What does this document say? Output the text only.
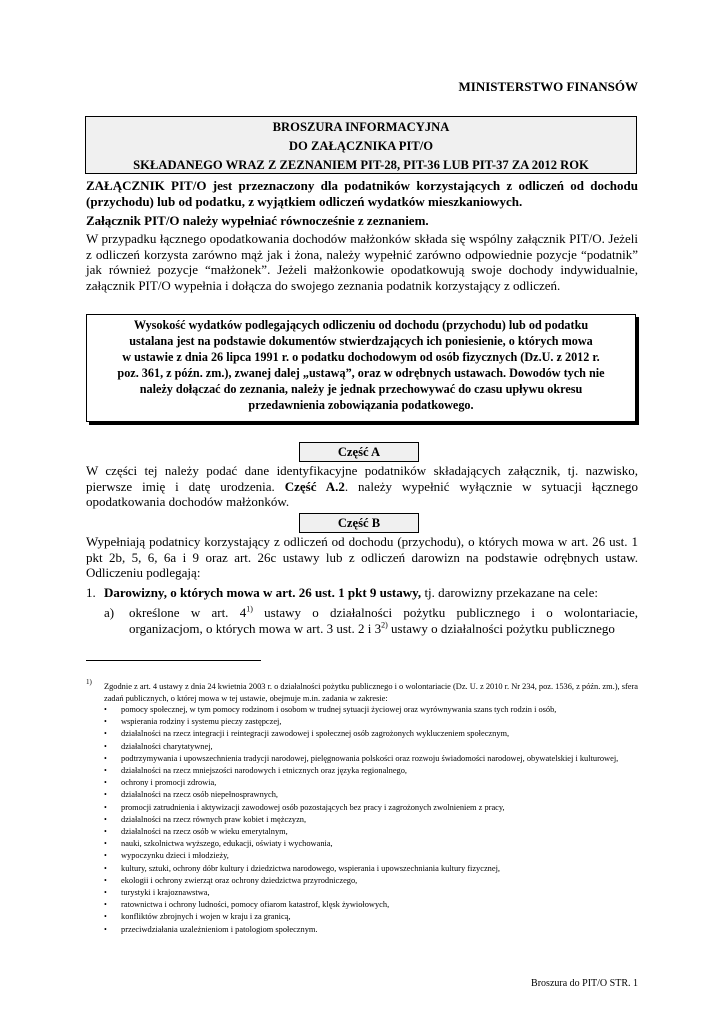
MINISTERSTWO FINANSÓW
BROSZURA INFORMACYJNA
DO ZAŁĄCZNIKA PIT/O
SKŁADANEGO WRAZ Z ZEZNANIEM PIT-28, PIT-36 LUB PIT-37 ZA 2012 ROK
ZAŁĄCZNIK PIT/O jest przeznaczony dla podatników korzystających z odliczeń od dochodu
(przychodu) lub od podatku, z wyjątkiem odliczeń wydatków mieszkaniowych.
Załącznik PIT/O należy wypełniać równocześnie z zeznaniem.
W przypadku łącznego opodatkowania dochodów małżonków składa się wspólny załącznik PIT/O. Jeżeli z odliczeń korzysta zarówno mąż jak i żona, należy wypełnić zarówno odpowiednie pozycje “podatnik” jak również pozycje “małżonek”. Jeżeli małżonkowie opodatkowują swoje dochody indywidualnie, załącznik PIT/O wypełnia i dołącza do swojego zeznania podatnik korzystający z odliczeń.
Wysokość wydatków podlegających odliczeniu od dochodu (przychodu) lub od podatku
ustalana jest na podstawie dokumentów stwierdzających ich poniesienie, o których mowa
w ustawie z dnia 26 lipca 1991 r. o podatku dochodowym od osób fizycznych (Dz.U. z 2012 r.
poz. 361, z późn. zm.), zwanej dalej „ustawą”, oraz w odrębnych ustawach. Dowodów tych nie
należy dołączać do zeznania, należy je jednak przechowywać do czasu upływu okresu
przedawnienia zobowiązania podatkowego.
Część A
W części tej należy podać dane identyfikacyjne podatników składających załącznik, tj. nazwisko, pierwsze imię i datę urodzenia. Część A.2. należy wypełnić wyłącznie w sytuacji łącznego opodatkowania dochodów małżonków.
Część B
Wypełniają podatnicy korzystający z odliczeń od dochodu (przychodu), o których mowa w art. 26 ust. 1 pkt 2b, 5, 6, 6a i 9 oraz art. 26c ustawy lub z odliczeń darowizn na podstawie odrębnych ustaw. Odliczeniu podlegają:
1. Darowizny, o których mowa w art. 26 ust. 1 pkt 9 ustawy, tj. darowizny przekazane na cele:
a) określone w art. 4$^{1)}$ ustawy o działalności pożytku publicznego i o wolontariacie,
organizacjom, o których mowa w art. 3 ust. 2 i 3$^{2)}$ ustawy o działalności pożytku publicznego
1) Zgodnie z art. 4 ustawy z dnia 24 kwietnia 2003 r. o działalności pożytku publicznego i o wolontariacie (Dz. U. z 2010 r. Nr 234, poz. 1536, z późn. zm.), sfera zadań publicznych, o której mowa w tej ustawie, obejmuje m.in. zadania w zakresie:
• pomocy społecznej, w tym pomocy rodzinom i osobom w trudnej sytuacji życiowej oraz wyrównywania szans tych rodzin i osób,
• wspierania rodziny i systemu pieczy zastępczej,
• działalności na rzecz integracji i reintegracji zawodowej i społecznej osób zagrożonych wykluczeniem społecznym,
• działalności charytatywnej,
• podtrzymywania i upowszechnienia tradycji narodowej, pielęgnowania polskości oraz rozwoju świadomości narodowej, obywatelskiej i kulturowej,
• działalności na rzecz mniejszości narodowych i etnicznych oraz języka regionalnego,
• ochrony i promocji zdrowia,
• działalności na rzecz osób niepełnosprawnych,
• promocji zatrudnienia i aktywizacji zawodowej osób pozostających bez pracy i zagrożonych zwolnieniem z pracy,
• działalności na rzecz równych praw kobiet i mężczyzn,
• działalności na rzecz osób w wieku emerytalnym,
• nauki, szkolnictwa wyższego, edukacji, oświaty i wychowania,
• wypoczynku dzieci i młodzieży,
• kultury, sztuki, ochrony dóbr kultury i dziedzictwa narodowego, wspierania i upowszechniania kultury fizycznej,
• ekologii i ochrony zwierząt oraz ochrony dziedzictwa przyrodniczego,
• turystyki i krajoznawstwa,
• ratownictwa i ochrony ludności, pomocy ofiarom katastrof, klęsk żywiołowych,
• konfliktów zbrojnych i wojen w kraju i za granicą,
• przeciwdziałania uzależnieniom i patologiom społecznym.
Broszura do PIT/O STR. 1
